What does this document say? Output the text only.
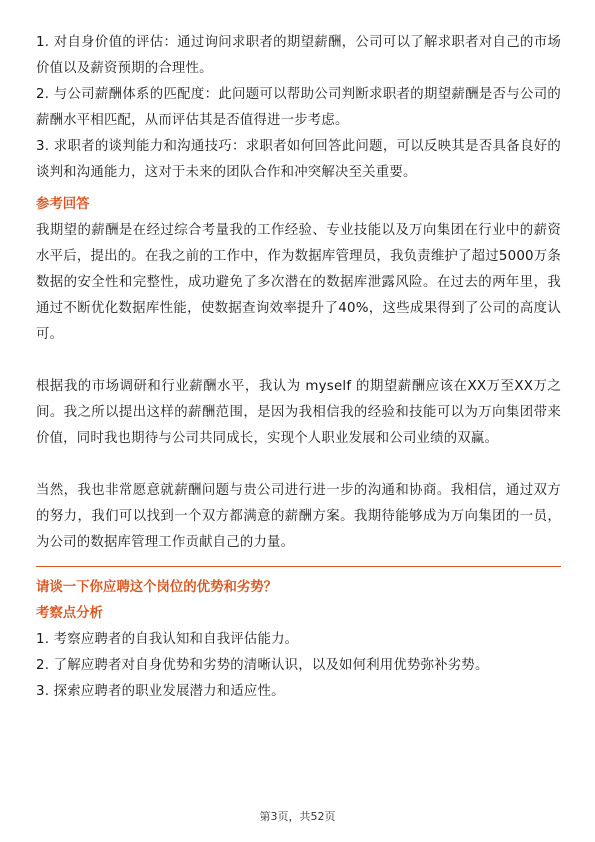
1. 对自身价值的评估：通过询问求职者的期望薪酬，公司可以了解求职者对自己的市场价值以及薪资预期的合理性。

2. 与公司薪酬体系的匹配度：此问题可以帮助公司判断求职者的期望薪酬是否与公司的薪酬水平相匹配，从而评估其是否值得进一步考虑。

3. 求职者的谈判能力和沟通技巧：求职者如何回答此问题，可以反映其是否具备良好的谈判和沟通能力，这对于未来的团队合作和冲突解决至关重要。

参考回答

我期望的薪酬是在经过综合考量我的工作经验、专业技能以及万向集团在行业中的薪资水平后，提出的。在我之前的工作中，作为数据库管理员，我负责维护了超过5000万条数据的安全性和完整性，成功避免了多次潜在的数据库泄露风险。在过去的两年里，我通过不断优化数据库性能，使数据查询效率提升了40%，这些成果得到了公司的高度认可。

根据我的市场调研和行业薪酬水平，我认为 myself 的期望薪酬应该在XX万至XX万之间。我之所以提出这样的薪酬范围，是因为我相信我的经验和技能可以为万向集团带来价值，同时我也期待与公司共同成长，实现个人职业发展和公司业绩的双赢。

当然，我也非常愿意就薪酬问题与贵公司进行进一步的沟通和协商。我相信，通过双方的努力，我们可以找到一个双方都满意的薪酬方案。我期待能够成为万向集团的一员，为公司的数据库管理工作贡献自己的力量。

请谈一下你应聘这个岗位的优势和劣势？

考察点分析

1. 考察应聘者的自我认知和自我评估能力。

2. 了解应聘者对自身优势和劣势的清晰认识，以及如何利用优势弥补劣势。

3. 探索应聘者的职业发展潜力和适应性。

第3页，共52页
